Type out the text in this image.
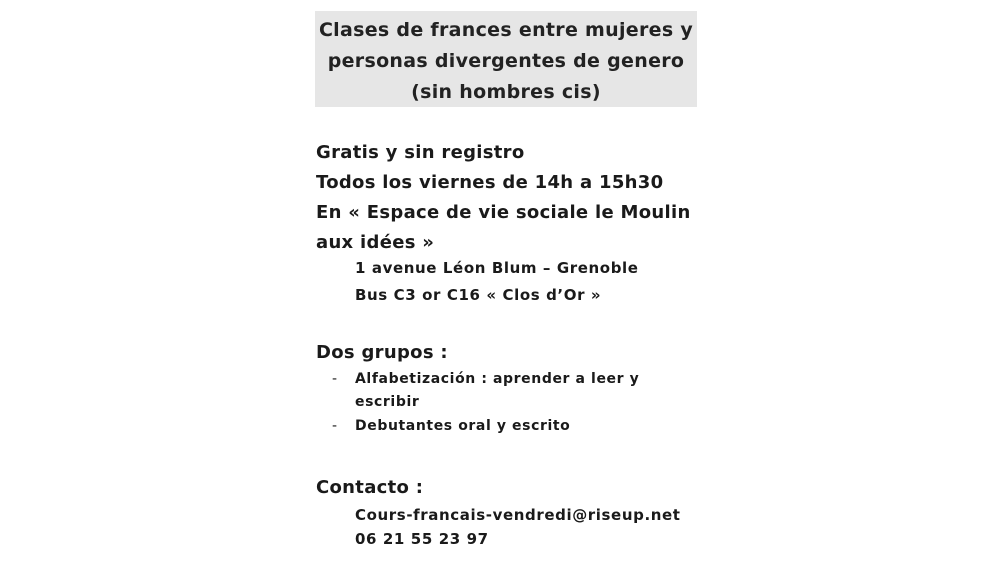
Clases de frances entre mujeres y
personas divergentes de genero
(sin hombres cis)
Gratis y sin registro
Todos los viernes de 14h a 15h30
En « Espace de vie sociale le Moulin
aux idées »
1 avenue Léon Blum – Grenoble
Bus C3 or C16 « Clos d’Or »
Dos grupos :
- Alfabetización : aprender a leer y
escribir
- Debutantes oral y escrito
Contacto :
Cours-francais-vendredi@riseup.net
06 21 55 23 97
